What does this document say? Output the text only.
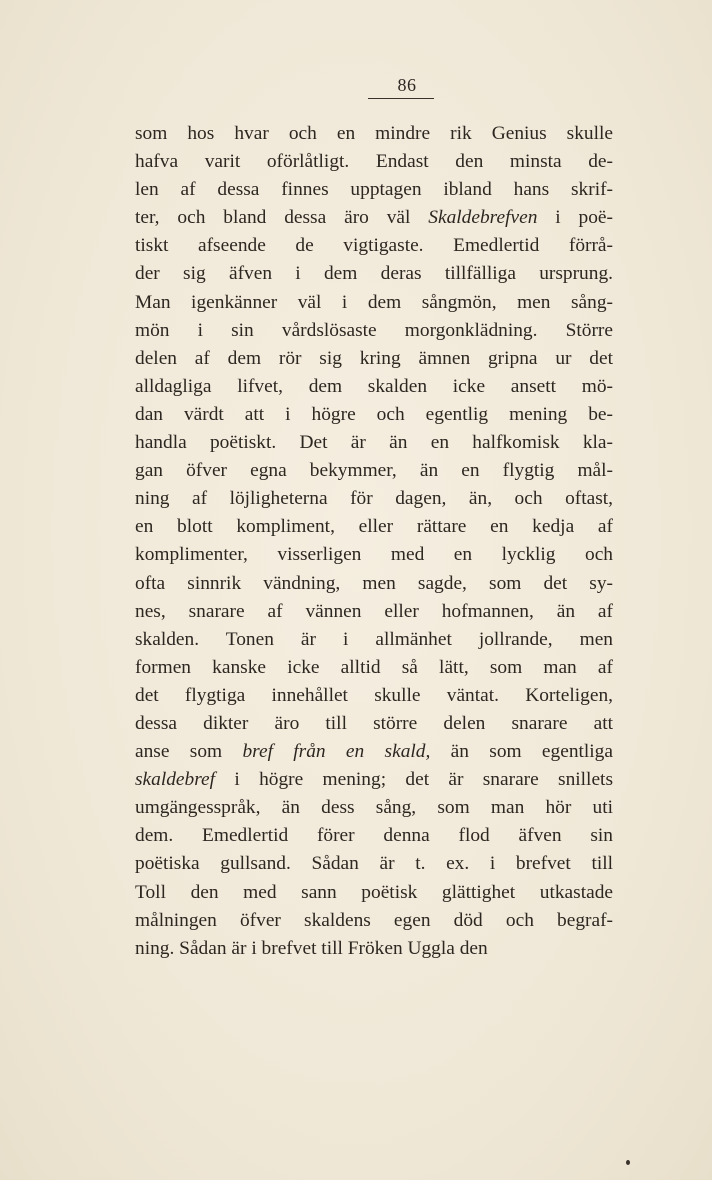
86
som hos hvar och en mindre rik Genius skulle
hafva varit oförlåtligt. Endast den minsta de-
len af dessa finnes upptagen ibland hans skrif-
ter, och bland dessa äro väl Skaldebrefven i poë-
tiskt afseende de vigtigaste. Emedlertid förrå-
der sig äfven i dem deras tillfälliga ursprung.
Man igenkänner väl i dem sångmön, men sång-
mön i sin vårdslösaste morgonklädning. Större
delen af dem rör sig kring ämnen gripna ur det
alldagliga lifvet, dem skalden icke ansett mö-
dan värdt att i högre och egentlig mening be-
handla poëtiskt. Det är än en halfkomisk kla-
gan öfver egna bekymmer, än en flygtig mål-
ning af löjligheterna för dagen, än, och oftast,
en blott kompliment, eller rättare en kedja af
komplimenter, visserligen med en lycklig och
ofta sinnrik vändning, men sagde, som det sy-
nes, snarare af vännen eller hofmannen, än af
skalden. Tonen är i allmänhet jollrande, men
formen kanske icke alltid så lätt, som man af
det flygtiga innehållet skulle väntat. Korteligen,
dessa dikter äro till större delen snarare att
anse som bref från en skald, än som egentliga
skaldebref i högre mening; det är snarare snillets
umgängesspråk, än dess sång, som man hör uti
dem. Emedlertid förer denna flod äfven sin
poëtiska gullsand. Sådan är t. ex. i brefvet till
Toll den med sann poëtisk glättighet utkastade
målningen öfver skaldens egen död och begraf-
ning. Sådan är i brefvet till Fröken Uggla den
